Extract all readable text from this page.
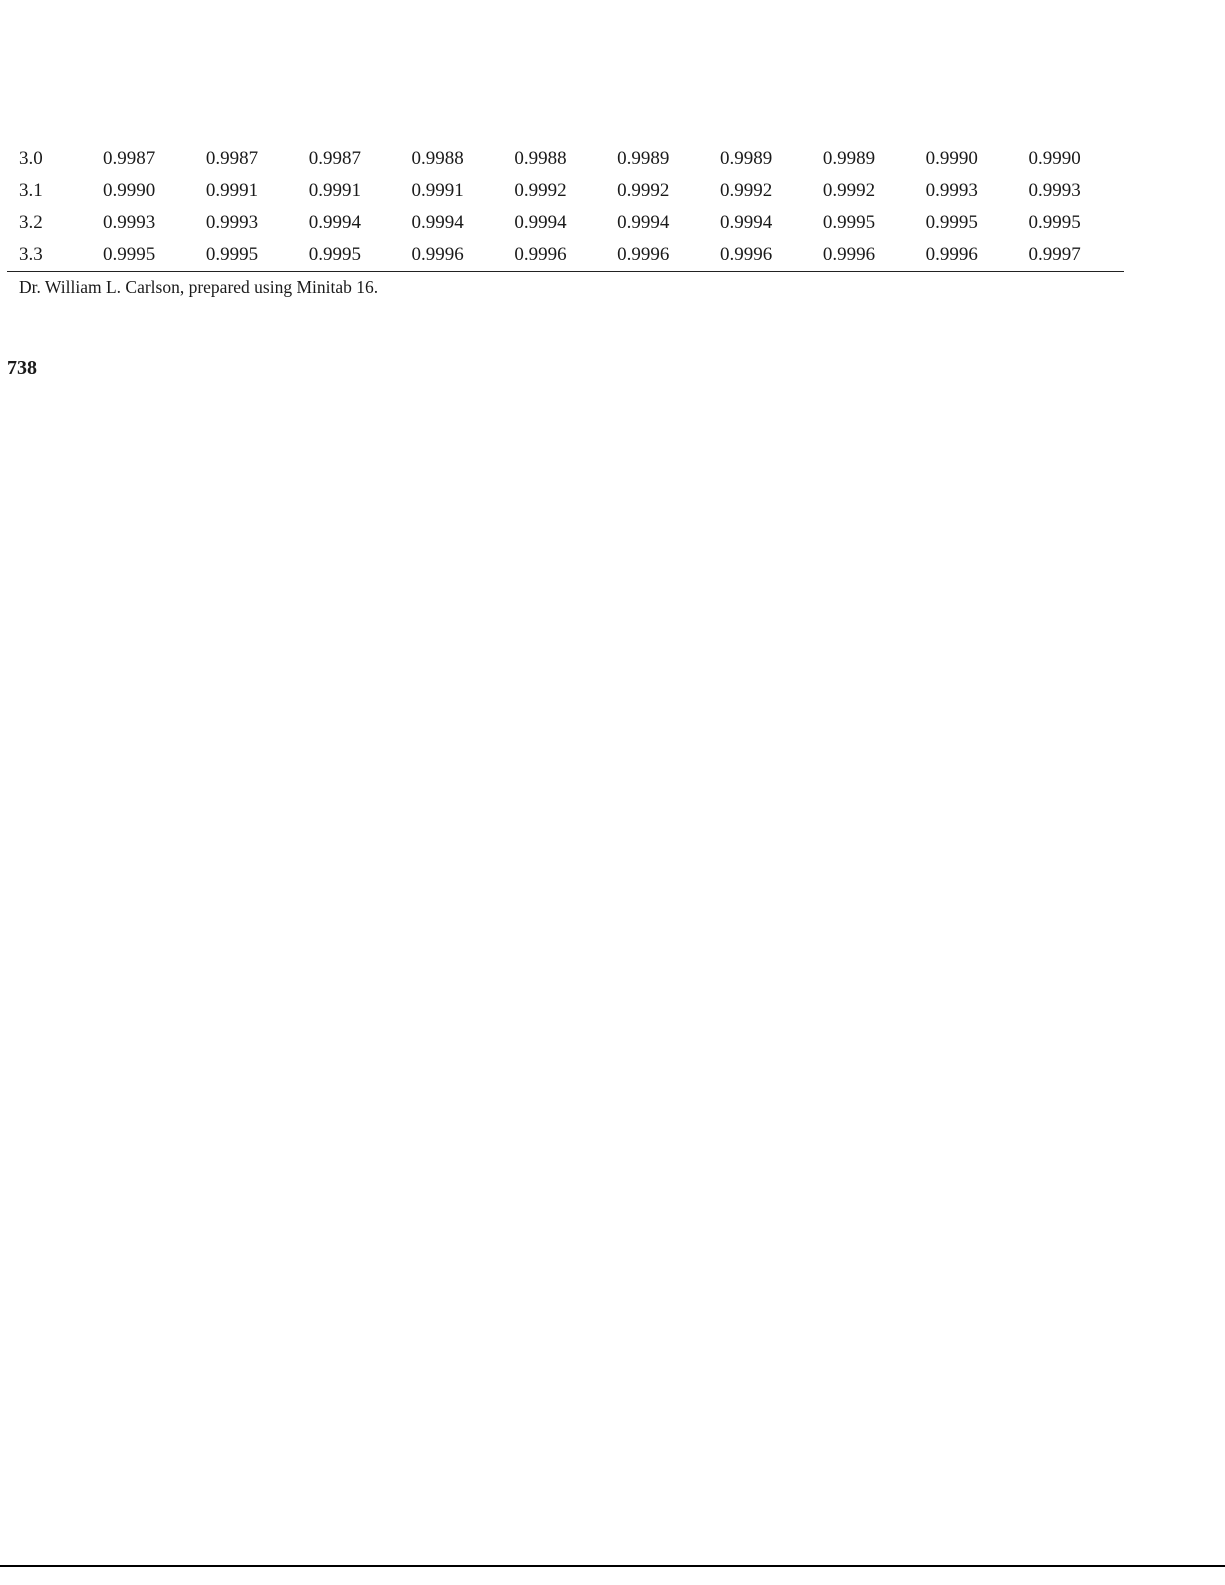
3.0	0.9987	0.9987	0.9987	0.9988	0.9988	0.9989	0.9989	0.9989	0.9990	0.9990
3.1	0.9990	0.9991	0.9991	0.9991	0.9992	0.9992	0.9992	0.9992	0.9993	0.9993
3.2	0.9993	0.9993	0.9994	0.9994	0.9994	0.9994	0.9994	0.9995	0.9995	0.9995
3.3	0.9995	0.9995	0.9995	0.9996	0.9996	0.9996	0.9996	0.9996	0.9996	0.9997
Dr. William L. Carlson, prepared using Minitab 16.
738
